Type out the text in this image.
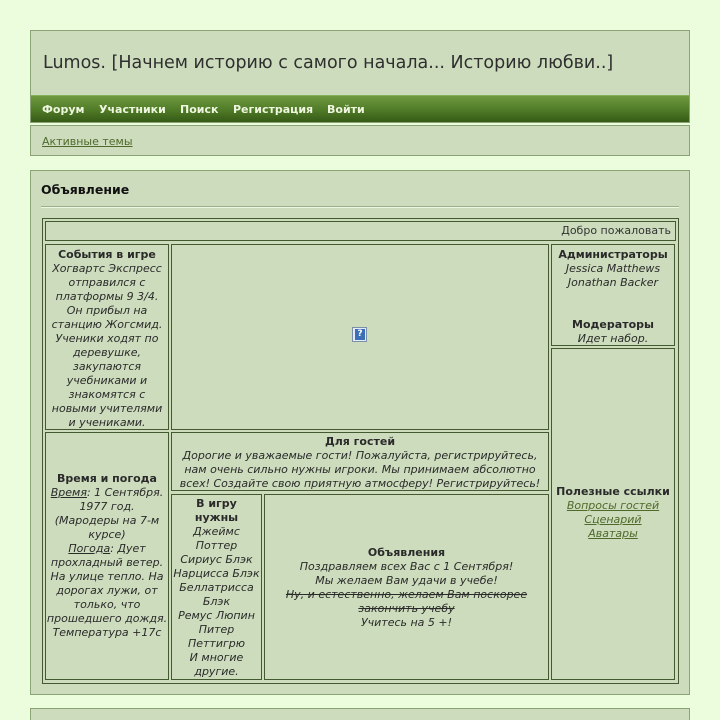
Lumos. [Начнем историю с самого начала... Историю любви..]
Форум Участники Поиск Регистрация Войти
Активные темы
Объявление
Добро пожаловать
События в игре
Хогвартс Экспресс
отправился с
платформы 9 3/4.
Он прибыл на
станцию Жогсмид.
Ученики ходят по
деревушке,
закупаются
учебниками и
знакомятся с
новыми учителями
и учениками.
?
Администраторы
Jessica Matthews
Jonathan Backer
Модераторы
Идет набор.
Полезные ссылки
Вопросы гостей
Сценарий
Аватары
Время и погода
Время: 1 Сентября.
1977 год.
(Мародеры на 7-м
курсе)
Погода: Дует
прохладный ветер.
На улице тепло. На
дорогах лужи, от
только, что
прошедшего дождя.
Температура +17с
Для гостей
Дорогие и уважаемые гости! Пожалуйста, регистрируйтесь,
нам очень сильно нужны игроки. Мы принимаем абсолютно
всех! Создайте свою приятную атмосферу! Регистрируйтесь!
В игру
нужны
Джеймс
Поттер
Сириус Блэк
Нарцисса Блэк
Беллатрисса
Блэк
Ремус Люпин
Питер
Петтигрю
И многие
другие.
Объявления
Поздравляем всех Вас с 1 Сентября!
Мы желаем Вам удачи в учебе!
Ну, и естественно, желаем Вам поскорее
закончить учебу
Учитесь на 5 +!
